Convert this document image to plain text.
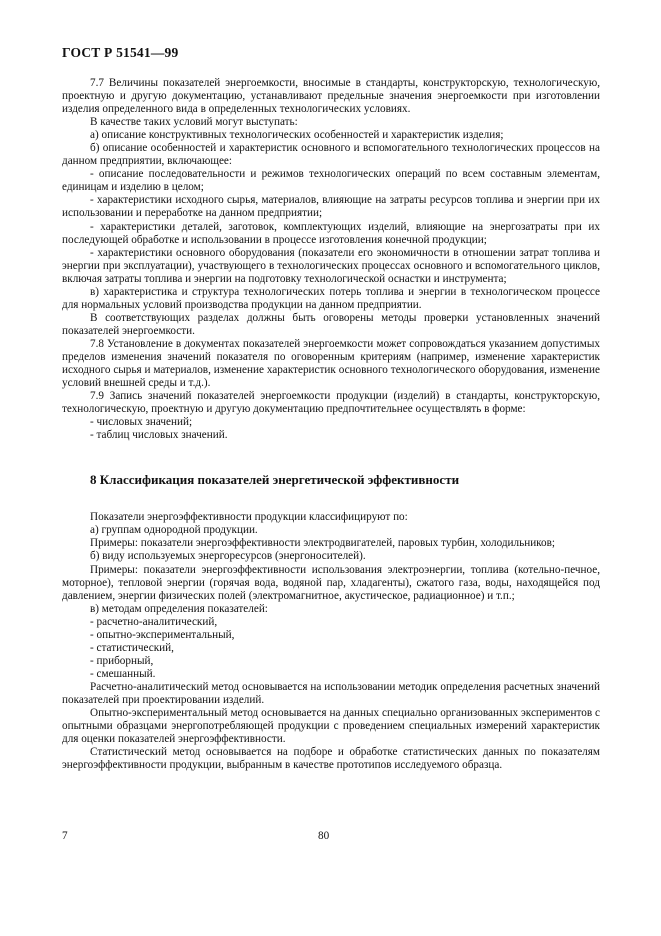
ГОСТ Р 51541—99

7.7 Величины показателей энергоемкости, вносимые в стандарты, конструкторскую, технологическую, проектную и другую документацию, устанавливают предельные значения энергоемкости при изготовлении изделия определенного вида в определенных технологических условиях.

В качестве таких условий могут выступать:

а) описание конструктивных технологических особенностей и характеристик изделия;

б) описание особенностей и характеристик основного и вспомогательного технологических процессов на данном предприятии, включающее:

- описание последовательности и режимов технологических операций по всем составным элементам, единицам и изделию в целом;

- характеристики исходного сырья, материалов, влияющие на затраты ресурсов топлива и энергии при их использовании и переработке на данном предприятии;

- характеристики деталей, заготовок, комплектующих изделий, влияющие на энергозатраты при их последующей обработке и использовании в процессе изготовления конечной продукции;

- характеристики основного оборудования (показатели его экономичности в отношении затрат топлива и энергии при эксплуатации), участвующего в технологических процессах основного и вспомогательного циклов, включая затраты топлива и энергии на подготовку технологической оснастки и инструмента;

в) характеристика и структура технологических потерь топлива и энергии в технологическом процессе для нормальных условий производства продукции на данном предприятии.

В соответствующих разделах должны быть оговорены методы проверки установленных значений показателей энергоемкости.

7.8 Установление в документах показателей энергоемкости может сопровождаться указанием допустимых пределов изменения значений показателя по оговоренным критериям (например, изменение характеристик исходного сырья и материалов, изменение характеристик основного технологического оборудования, изменение условий внешней среды и т.д.).

7.9 Запись значений показателей энергоемкости продукции (изделий) в стандарты, конструкторскую, технологическую, проектную и другую документацию предпочтительнее осуществлять в форме:

- числовых значений;

- таблиц числовых значений.

8 Классификация показателей энергетической эффективности

Показатели энергоэффективности продукции классифицируют по:

а) группам однородной продукции.

Примеры: показатели энергоэффективности электродвигателей, паровых турбин, холодильников;

б) виду используемых энергоресурсов (энергоносителей).

Примеры: показатели энергоэффективности использования электроэнергии, топлива (котельно-печное, моторное), тепловой энергии (горячая вода, водяной пар, хладагенты), сжатого газа, воды, находящейся под давлением, энергии физических полей (электромагнитное, акустическое, радиационное) и т.п.;

в) методам определения показателей:

- расчетно-аналитический,

- опытно-экспериментальный,

- статистический,

- приборный,

- смешанный.

Расчетно-аналитический метод основывается на использовании методик определения расчетных значений показателей при проектировании изделий.

Опытно-экспериментальный метод основывается на данных специально организованных экспериментов с опытными образцами энергопотребляющей продукции с проведением специальных измерений характеристик для оценки показателей энергоэффективности.

Статистический метод основывается на подборе и обработке статистических данных по показателям энергоэффективности продукции, выбранным в качестве прототипов исследуемого образца.

7	80
